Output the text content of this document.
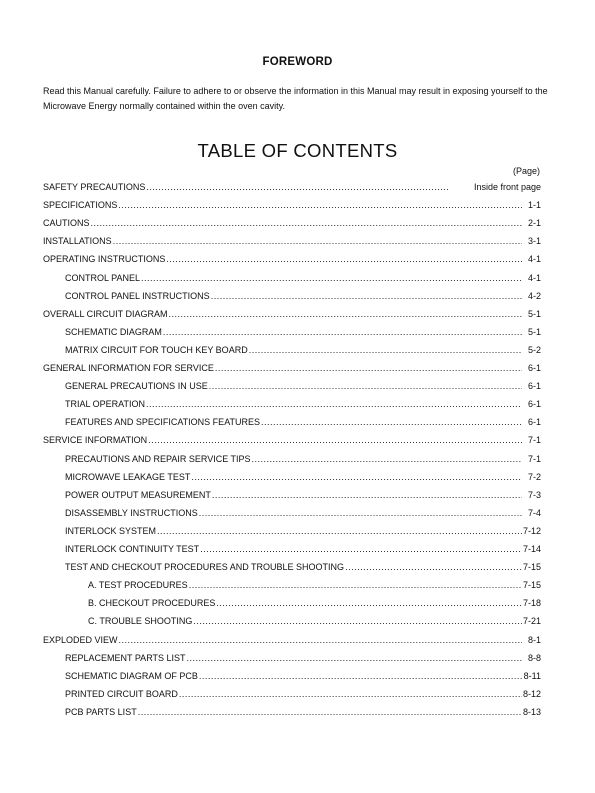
FOREWORD
Read this Manual carefully. Failure to adhere to or observe the information in this Manual may result in exposing yourself to the Microwave Energy normally contained within the oven cavity.
TABLE OF CONTENTS
(Page)
SAFETY PRECAUTIONS .....	Inside front page
SPECIFICATIONS .....	1-1
CAUTIONS .....	2-1
INSTALLATIONS .....	3-1
OPERATING INSTRUCTIONS .....	4-1
CONTROL PANEL .....	4-1
CONTROL PANEL INSTRUCTIONS .....	4-2
OVERALL CIRCUIT DIAGRAM .....	5-1
SCHEMATIC DIAGRAM .....	5-1
MATRIX CIRCUIT FOR TOUCH KEY BOARD .....	5-2
GENERAL INFORMATION FOR SERVICE .....	6-1
GENERAL PRECAUTIONS IN USE .....	6-1
TRIAL OPERATION .....	6-1
FEATURES AND SPECIFICATIONS FEATURES .....	6-1
SERVICE INFORMATION .....	7-1
PRECAUTIONS AND REPAIR SERVICE TIPS .....	7-1
MICROWAVE LEAKAGE TEST .....	7-2
POWER OUTPUT MEASUREMENT .....	7-3
DISASSEMBLY INSTRUCTIONS .....	7-4
INTERLOCK SYSTEM .....	7-12
INTERLOCK CONTINUITY TEST .....	7-14
TEST AND CHECKOUT PROCEDURES AND TROUBLE SHOOTING .....	7-15
A. TEST PROCEDURES .....	7-15
B. CHECKOUT PROCEDURES .....	7-18
C. TROUBLE SHOOTING .....	7-21
EXPLODED VIEW .....	8-1
REPLACEMENT PARTS LIST .....	8-8
SCHEMATIC DIAGRAM OF PCB .....	8-11
PRINTED CIRCUIT BOARD .....	8-12
PCB PARTS LIST .....	8-13
